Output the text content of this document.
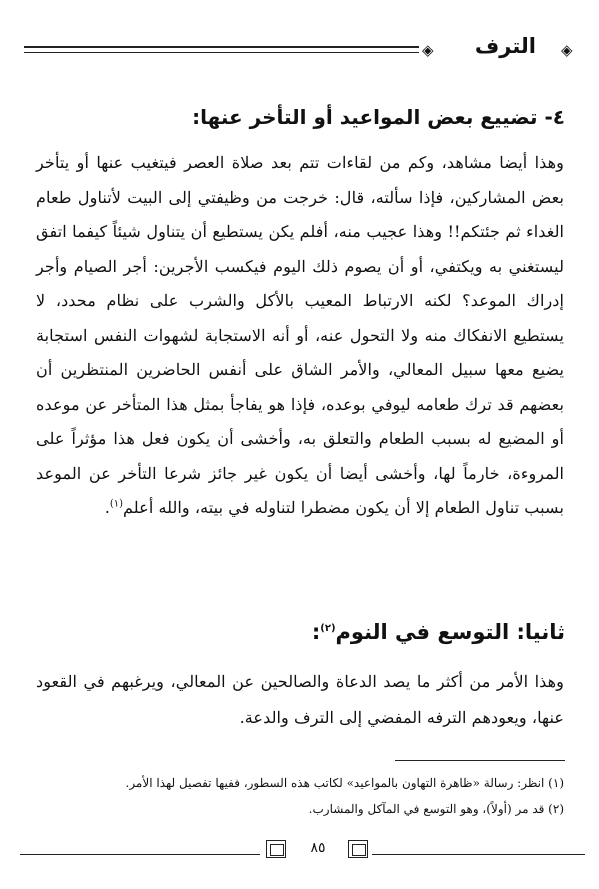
◈ الترف ◈
٤- تضييع بعض المواعيد أو التأخر عنها:
وهذا أيضا مشاهد، وكم من لقاءات تتم بعد صلاة العصر فيتغيب عنها أو يتأخر بعض المشاركين، فإذا سألته، قال: خرجت من وظيفتي إلى البيت لأتناول طعام الغداء ثم جئتكم!! وهذا عجيب منه، أفلم يكن يستطيع أن يتناول شيئاً كيفما اتفق ليستغني به ويكتفي، أو أن يصوم ذلك اليوم فيكسب الأجرين: أجر الصيام وأجر إدراك الموعد؟ لكنه الارتباط المعيب بالأكل والشرب على نظام محدد، لا يستطيع الانفكاك منه ولا التحول عنه، أو أنه الاستجابة لشهوات النفس استجابة يضيع معها سبيل المعالي، والأمر الشاق على أنفس الحاضرين المنتظرين أن بعضهم قد ترك طعامه ليوفي بوعده، فإذا هو يفاجأ بمثل هذا المتأخر عن موعده أو المضيع له بسبب الطعام والتعلق به، وأخشى أن يكون فعل هذا مؤثراً على المروءة، خارماً لها، وأخشى أيضا أن يكون غير جائز شرعا التأخر عن الموعد بسبب تناول الطعام إلا أن يكون مضطرا لتناوله في بيته، والله أعلم$^{(١)}$.
ثانيا: التوسع في النوم$^{(٢)}$:
وهذا الأمر من أكثر ما يصد الدعاة والصالحين عن المعالي، ويرغبهم في القعود عنها، ويعودهم الترفه المفضي إلى الترف والدعة.
(١) انظر: رسالة «ظاهرة التهاون بالمواعيد» لكاتب هذه السطور، ففيها تفصيل لهذا الأمر.
(٢) قد مر (أولاً)، وهو التوسع في المآكل والمشارب.
٨٥
